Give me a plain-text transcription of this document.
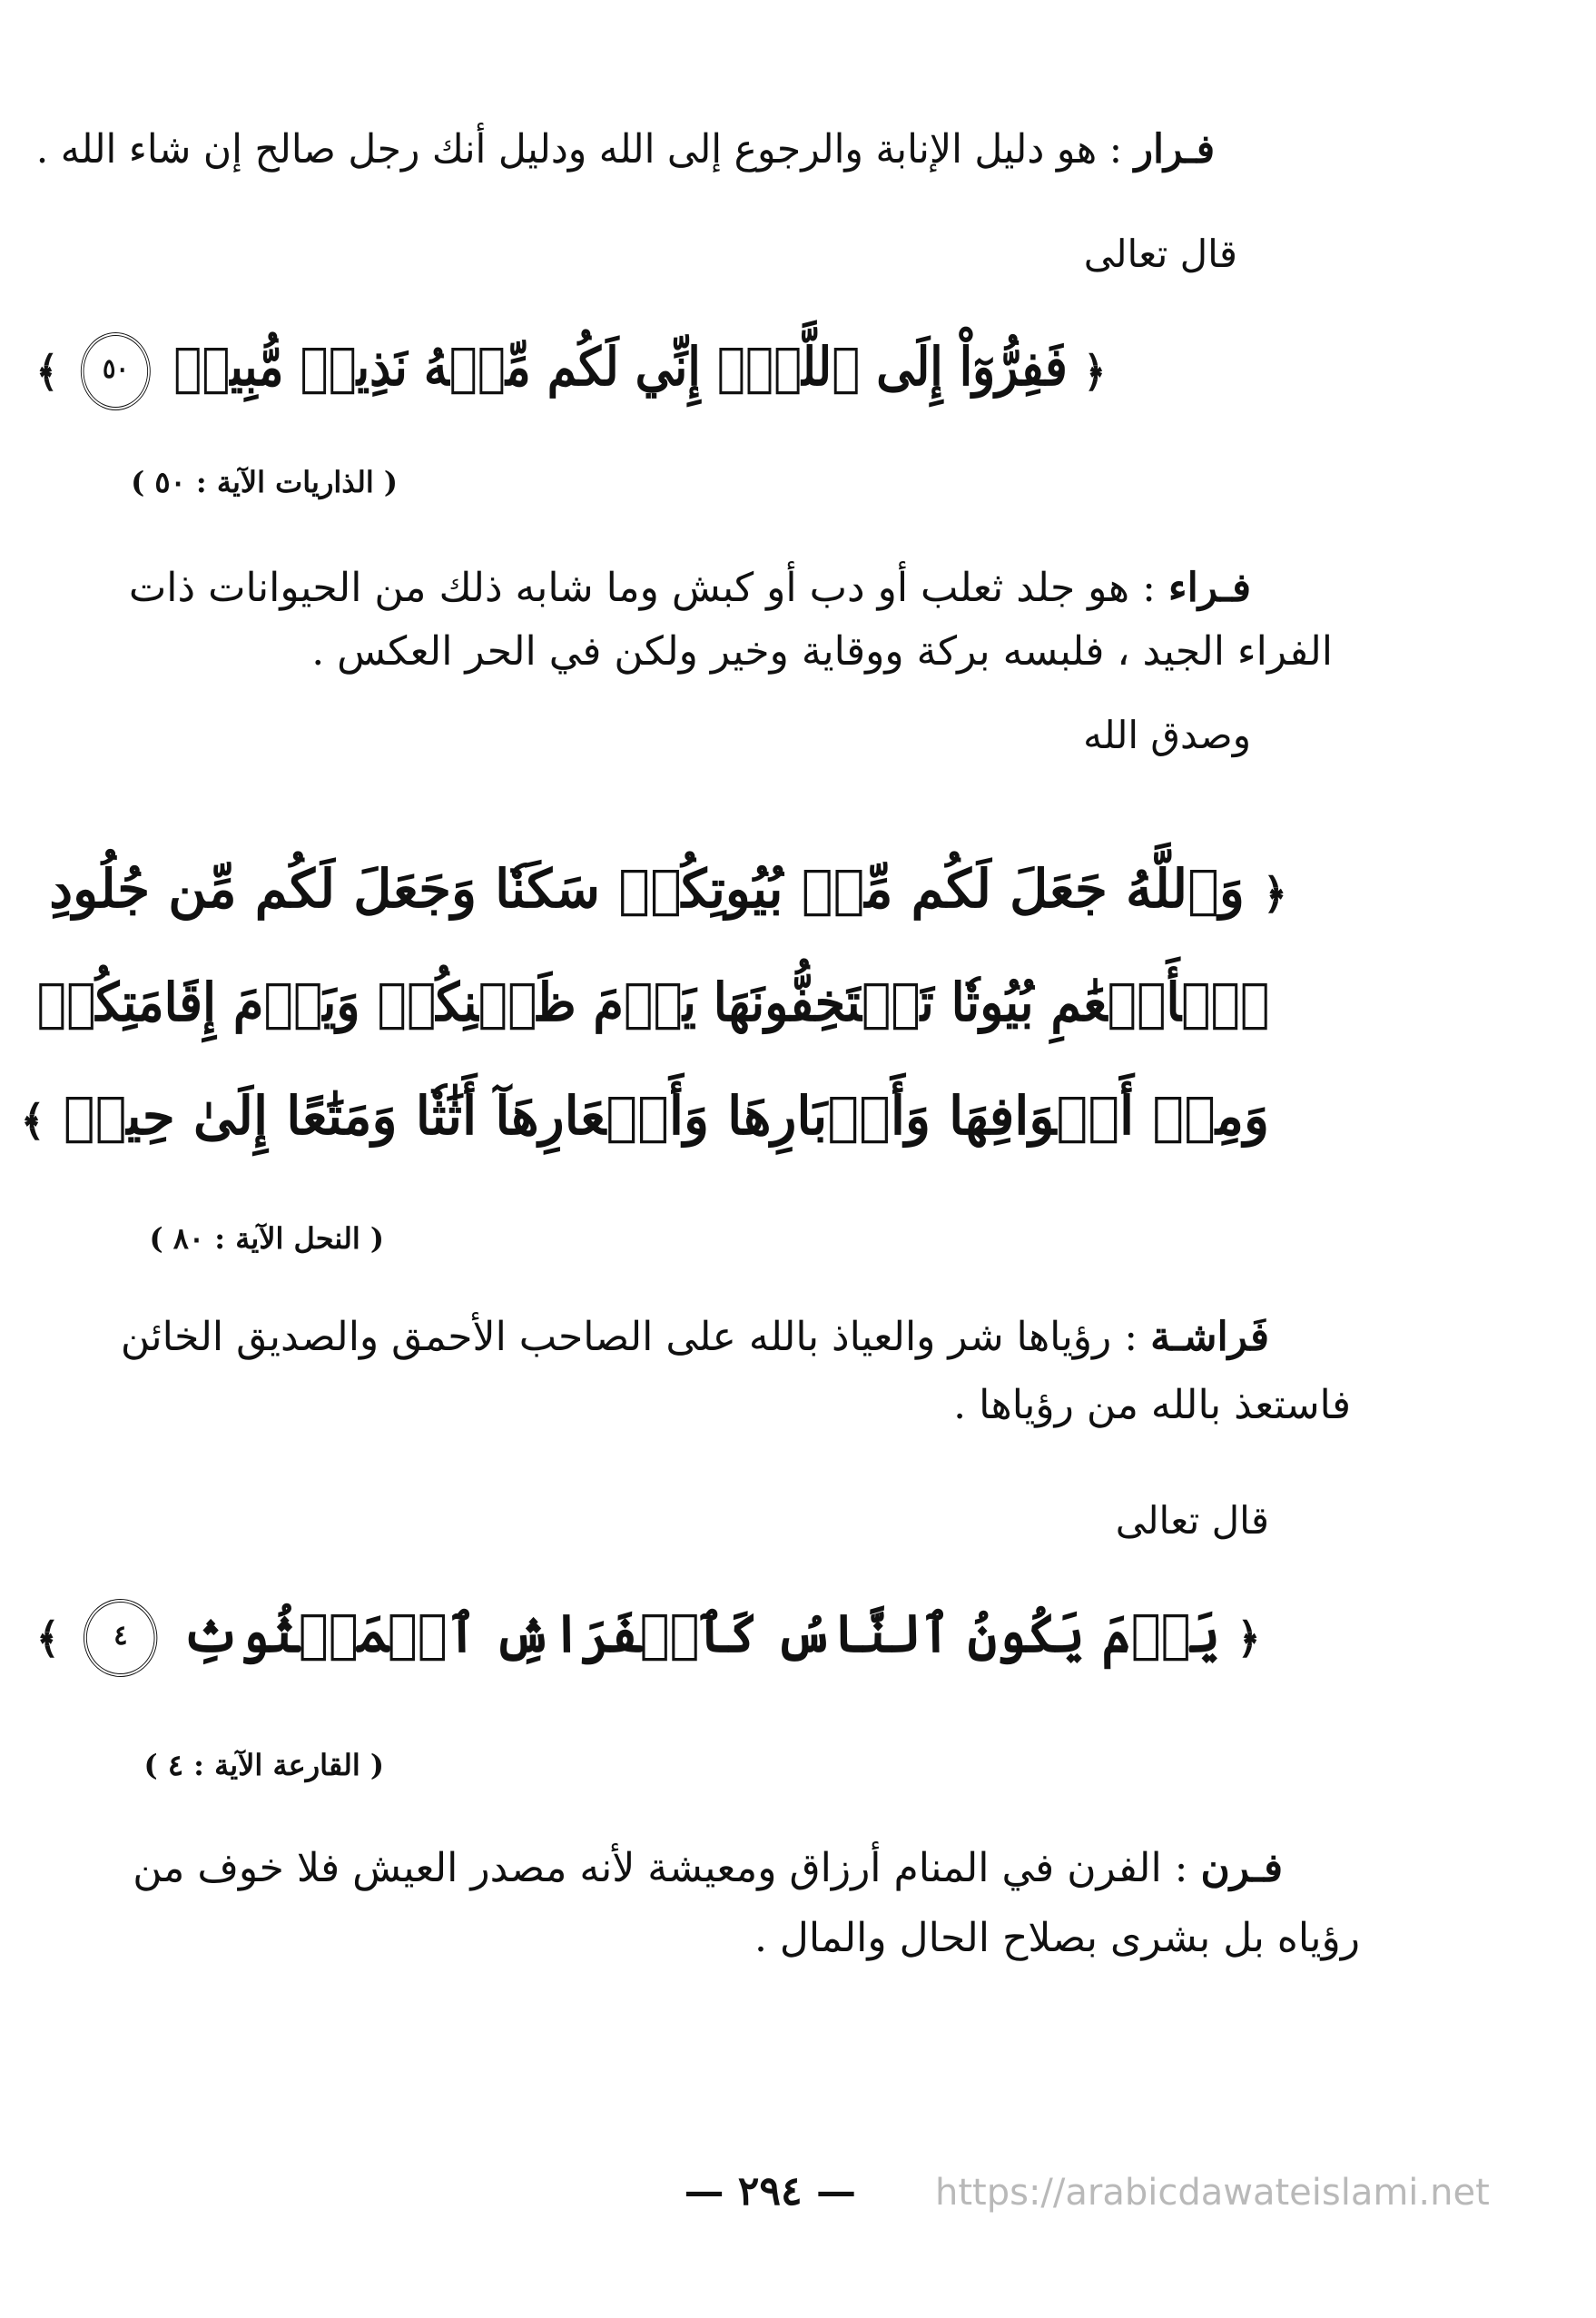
فـرار : هو دليل الإنابة والرجوع إلى الله ودليل أنك رجل صالح إن شاء الله .
قال تعالى
﴿ فَفِرُّوٓاْ إِلَى ٱللَّهِۖ إِنِّي لَكُم مِّنۡهُ نَذِيرٞ مُّبِينٞ ٥٠ ﴾
( الذاريات الآية : ٥٠ )
فـراء : هو جلد ثعلب أو دب أو كبش وما شابه ذلك من الحيوانات ذات
الفراء الجيد ، فلبسه بركة ووقاية وخير ولكن في الحر العكس .
وصدق الله
﴿ وَٱللَّهُ جَعَلَ لَكُم مِّنۢ بُيُوتِكُمۡ سَكَنٗا وَجَعَلَ لَكُم مِّن جُلُودِ
ٱلۡأَنۡعَٰمِ بُيُوتٗا تَسۡتَخِفُّونَهَا يَوۡمَ ظَعۡنِكُمۡ وَيَوۡمَ إِقَامَتِكُمۡ
وَمِنۡ أَصۡوَافِهَا وَأَوۡبَارِهَا وَأَشۡعَارِهَآ أَثَٰثٗا وَمَتَٰعًا إِلَىٰ حِينٖ ﴾
( النحل الآية : ٨٠ )
فَراشـة : رؤياها شر والعياذ بالله على الصاحب الأحمق والصديق الخائن
فاستعذ بالله من رؤياها .
قال تعالى
﴿ يَوۡمَ يَكُونُ ٱلنَّاسُ كَٱلۡفَرَاشِ ٱلۡمَبۡثُوثِ ٤ ﴾
( القارعة الآية : ٤ )
فـرن : الفرن في المنام أرزاق ومعيشة لأنه مصدر العيش فلا خوف من
رؤياه بل بشرى بصلاح الحال والمال .
— ٢٩٤ — https://arabicdawateislami.net
